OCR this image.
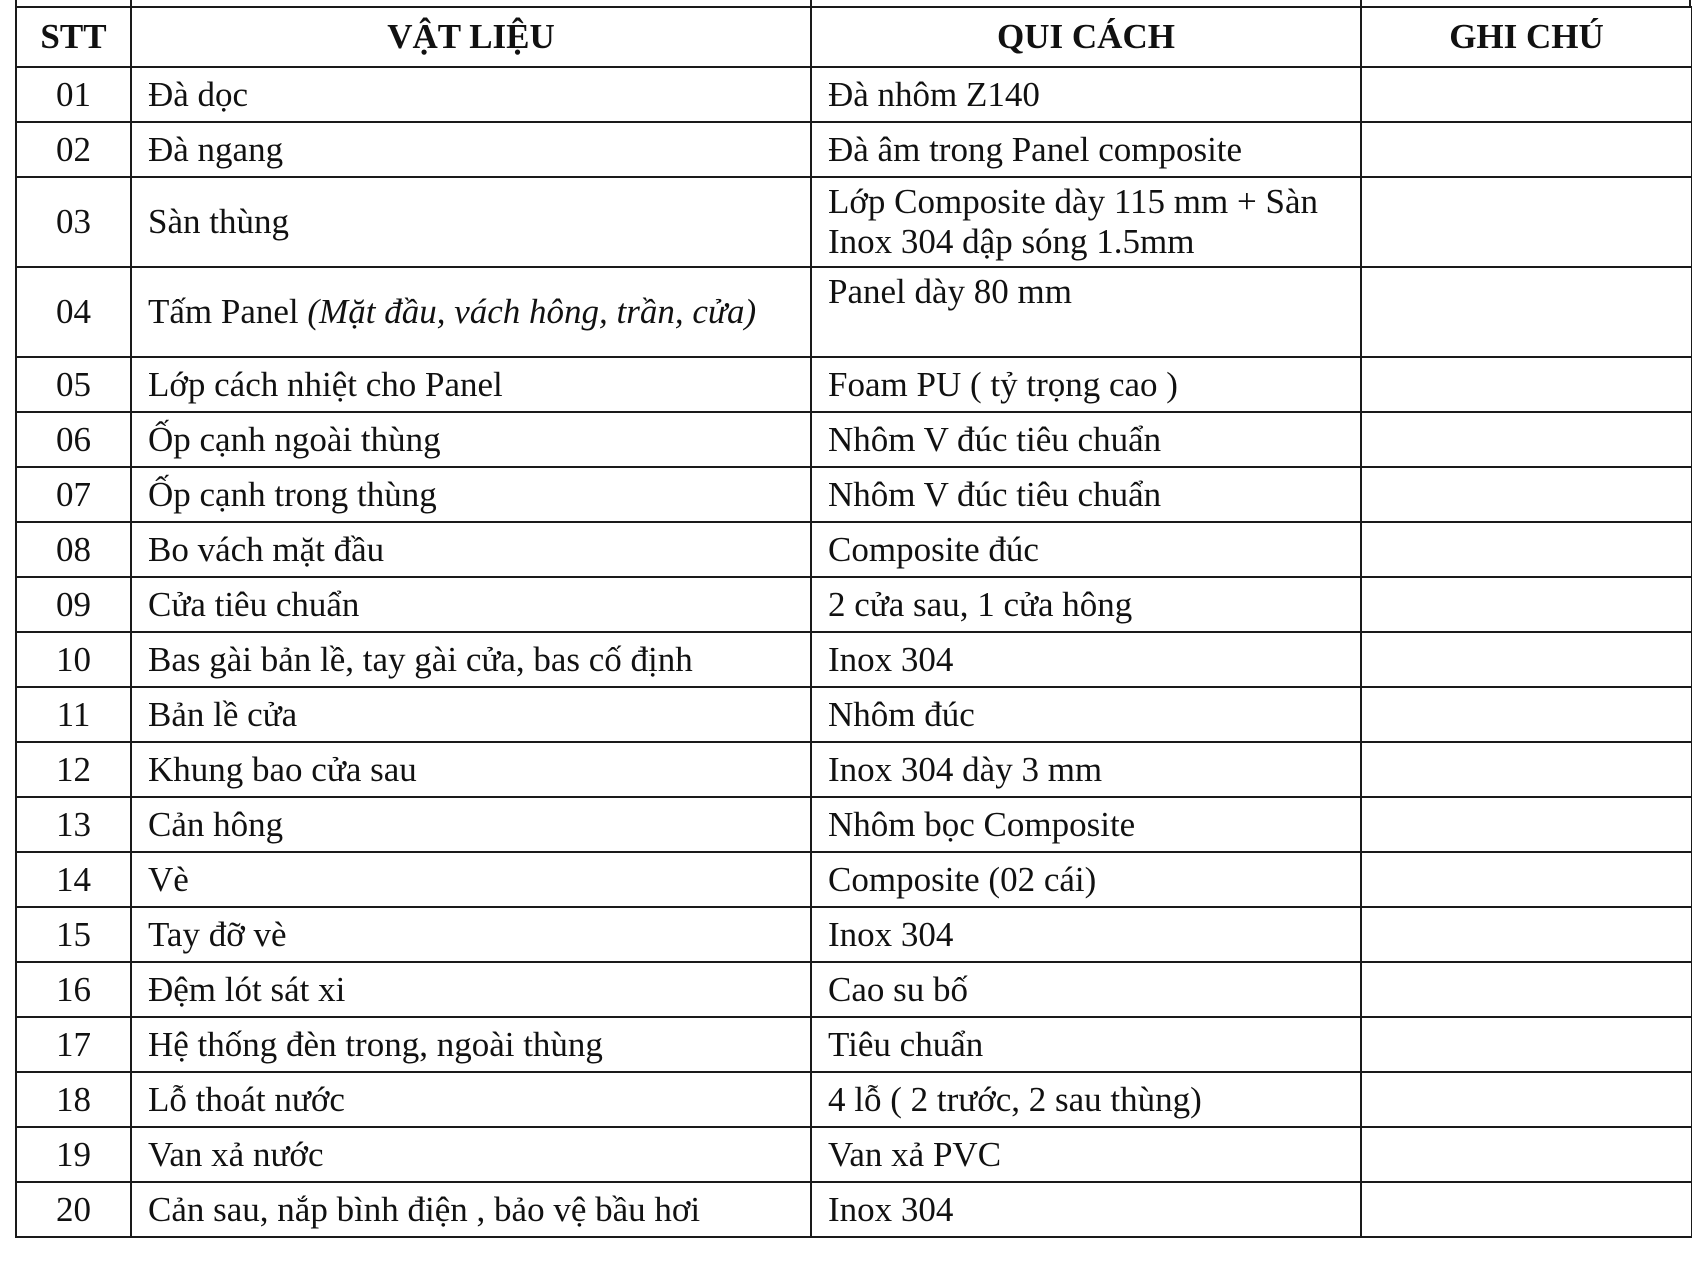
STT	VẬT LIỆU	QUI CÁCH	GHI CHÚ
01	Đà dọc	Đà nhôm Z140	

02	Đà ngang	Đà âm trong Panel composite	

03	Sàn thùng	Lớp Composite dày 115 mm + Sàn Inox 304 dập sóng 1.5mm	

04	Tấm Panel (Mặt đầu, vách hông, trần, cửa)	Panel dày 80 mm	

05	Lớp cách nhiệt cho Panel	Foam PU ( tỷ trọng cao )	

06	Ốp cạnh ngoài thùng	Nhôm V đúc tiêu chuẩn	

07	Ốp cạnh trong thùng	Nhôm V đúc tiêu chuẩn	

08	Bo vách mặt đầu	Composite đúc	

09	Cửa tiêu chuẩn	2 cửa sau, 1 cửa hông	

10	Bas gài bản lề, tay gài cửa, bas cố định	Inox 304	

11	Bản lề cửa	Nhôm đúc	

12	Khung bao cửa sau	Inox 304 dày 3 mm	

13	Cản hông	Nhôm bọc Composite	

14	Vè	Composite (02 cái)	

15	Tay đỡ vè	Inox 304	

16	Đệm lót sát xi	Cao su bố	

17	Hệ thống đèn trong, ngoài thùng	Tiêu chuẩn	

18	Lỗ thoát nước	4 lỗ ( 2 trước, 2 sau thùng)	

19	Van xả nước	Van xả PVC	

20	Cản sau, nắp bình điện , bảo vệ bầu hơi	Inox 304	
